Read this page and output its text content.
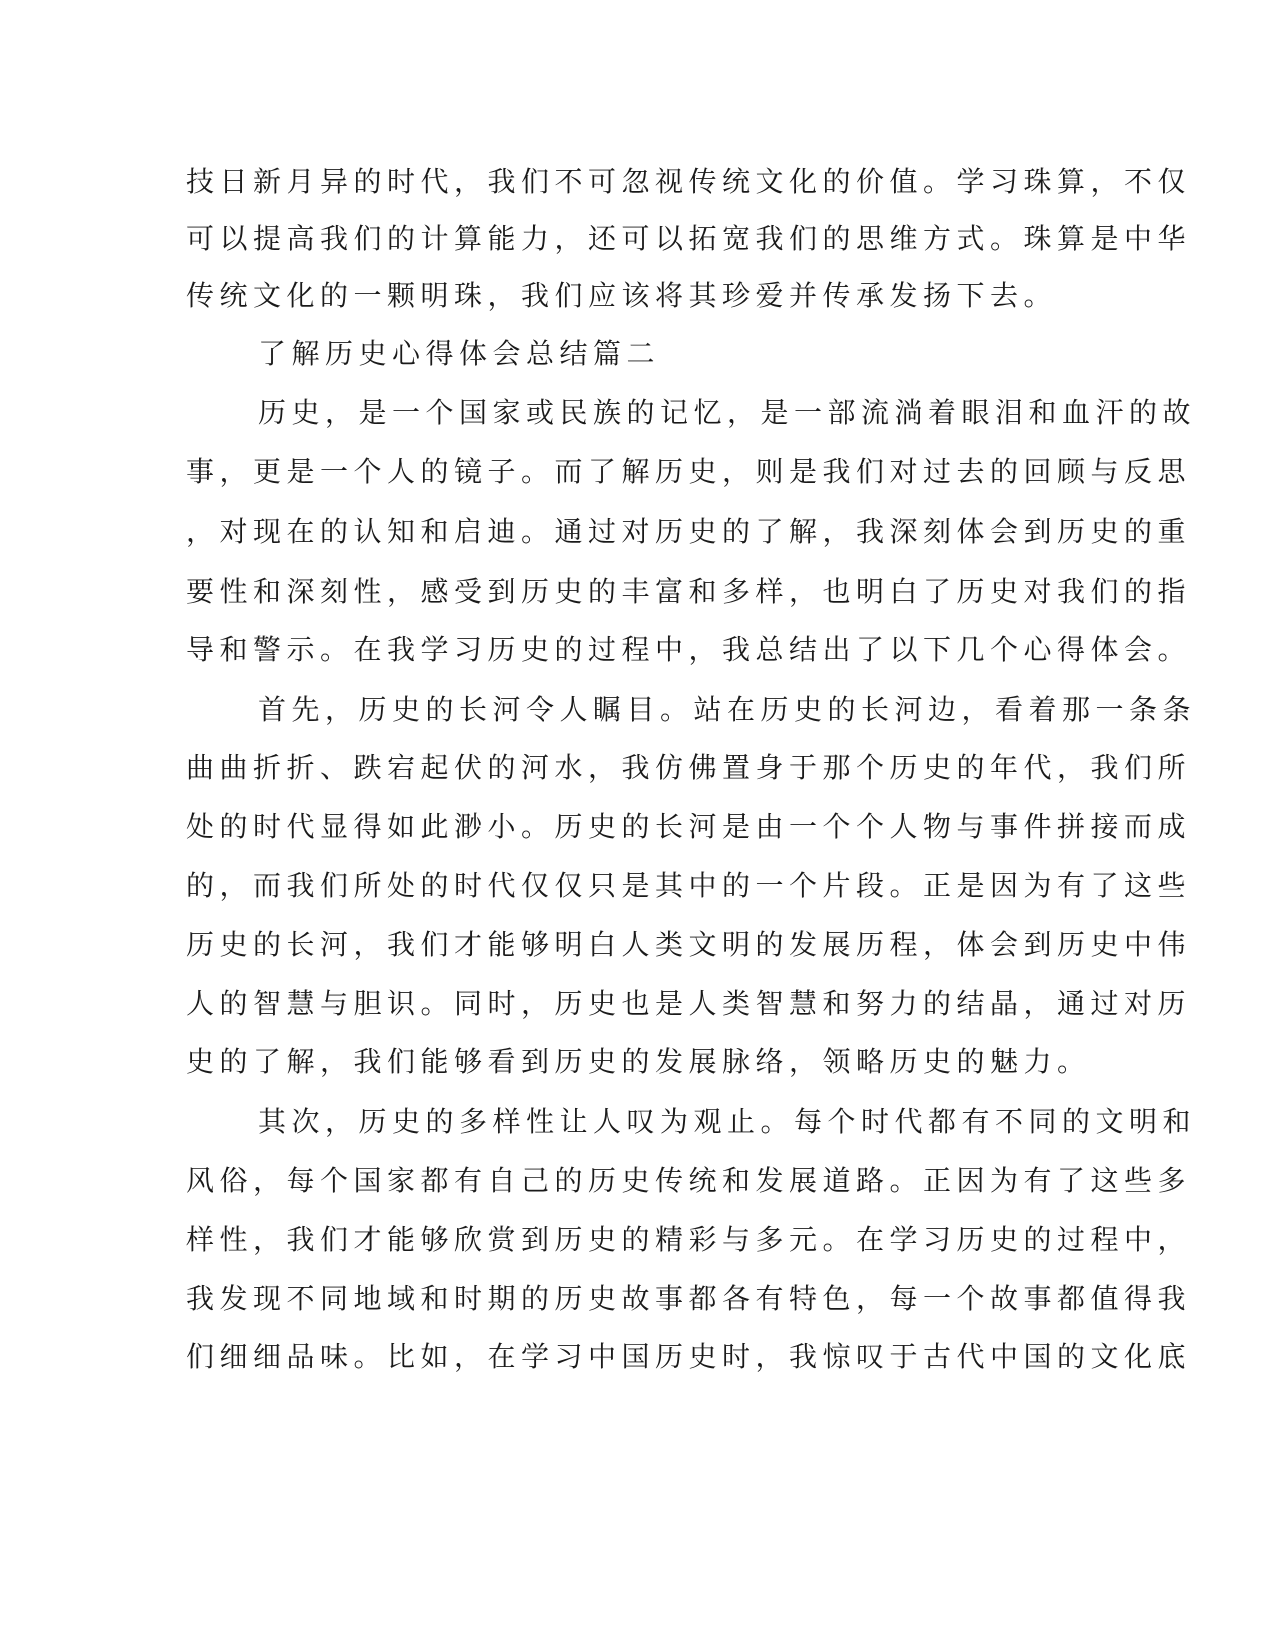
技日新月异的时代，我们不可忽视传统文化的价值。学习珠算，不仅
可以提高我们的计算能力，还可以拓宽我们的思维方式。珠算是中华
传统文化的一颗明珠，我们应该将其珍爱并传承发扬下去。
了解历史心得体会总结篇二
历史，是一个国家或民族的记忆，是一部流淌着眼泪和血汗的故
事，更是一个人的镜子。而了解历史，则是我们对过去的回顾与反思
，对现在的认知和启迪。通过对历史的了解，我深刻体会到历史的重
要性和深刻性，感受到历史的丰富和多样，也明白了历史对我们的指
导和警示。在我学习历史的过程中，我总结出了以下几个心得体会。
首先，历史的长河令人瞩目。站在历史的长河边，看着那一条条
曲曲折折、跌宕起伏的河水，我仿佛置身于那个历史的年代，我们所
处的时代显得如此渺小。历史的长河是由一个个人物与事件拼接而成
的，而我们所处的时代仅仅只是其中的一个片段。正是因为有了这些
历史的长河，我们才能够明白人类文明的发展历程，体会到历史中伟
人的智慧与胆识。同时，历史也是人类智慧和努力的结晶，通过对历
史的了解，我们能够看到历史的发展脉络，领略历史的魅力。
其次，历史的多样性让人叹为观止。每个时代都有不同的文明和
风俗，每个国家都有自己的历史传统和发展道路。正因为有了这些多
样性，我们才能够欣赏到历史的精彩与多元。在学习历史的过程中，
我发现不同地域和时期的历史故事都各有特色，每一个故事都值得我
们细细品味。比如，在学习中国历史时，我惊叹于古代中国的文化底
